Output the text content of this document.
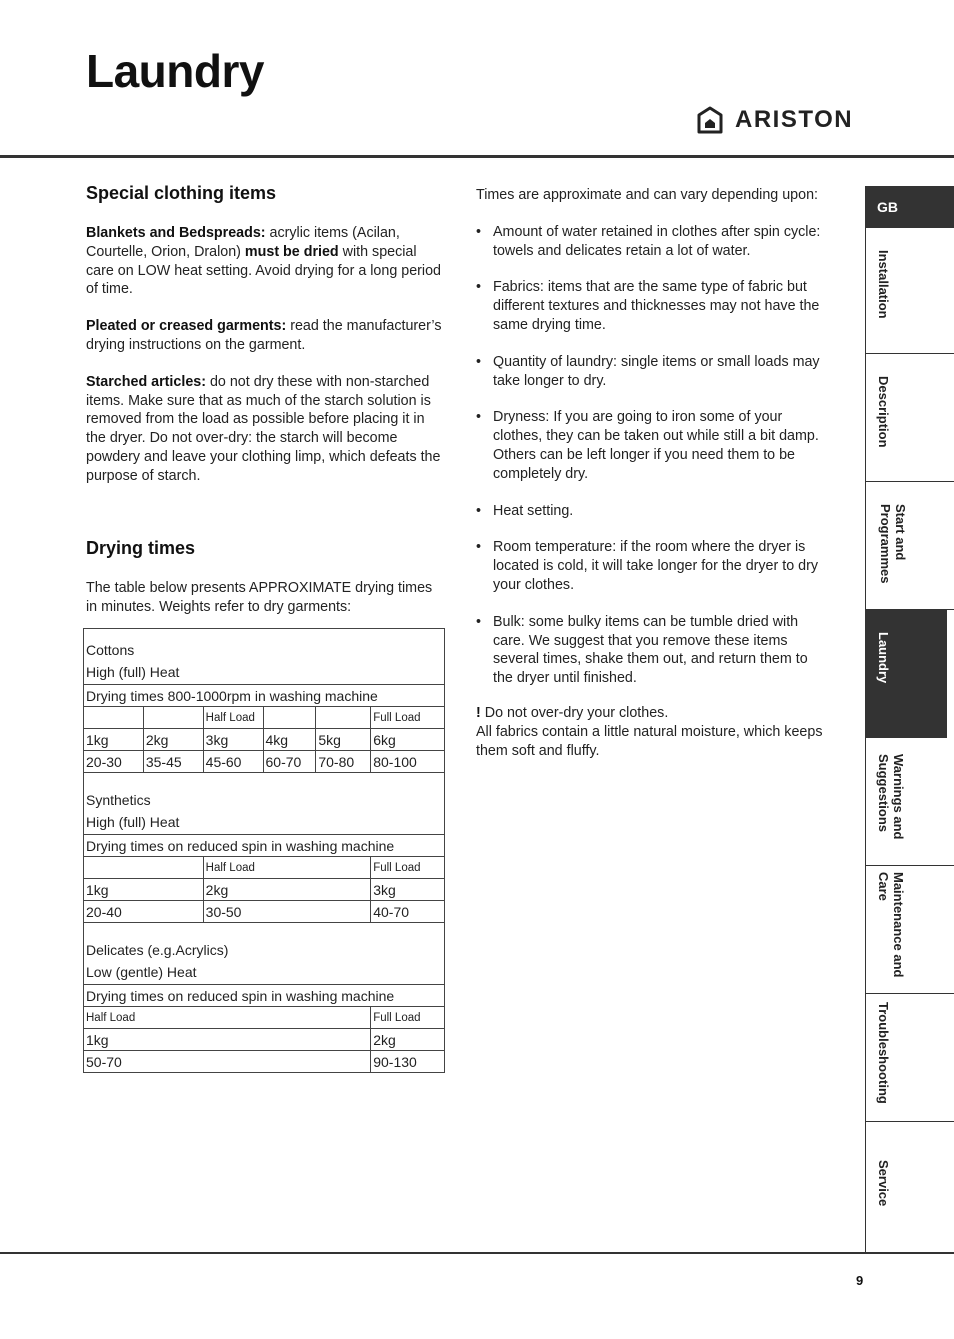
Laundry
ARISTON
Special clothing items

Blankets and Bedspreads: acrylic items (Acilan, Courtelle, Orion, Dralon) must be dried with special care on LOW heat setting. Avoid drying for a long period of time.

Pleated or creased garments: read the manufacturer’s drying instructions on the garment.

Starched articles: do not dry these with non-starched items. Make sure that as much of the starch solution is removed from the load as possible before placing it in the dryer. Do not over-dry: the starch will become powdery and leave your clothing limp, which defeats the purpose of starch.

Drying times

The table below presents APPROXIMATE drying times in minutes. Weights refer to dry garments:

Cottons
High (full) Heat					

Drying times 800-1000rpm in washing machine					
		Half Load			Full Load
1kg	2kg	3kg	4kg	5kg	6kg
20-30	35-45	45-60	60-70	70-80	80-100

Synthetics
High (full) Heat					

Drying times on reduced spin in washing machine					
		Half Load			Full Load
1kg		2kg			3kg
20-40		30-50			40-70

Delicates (e.g.Acrylics)
Low (gentle) Heat					

Drying times on reduced spin in washing machine					
Half Load					Full Load
1kg					2kg
50-70					90-130

Times are approximate and can vary depending upon:

• Amount of water retained in clothes after spin cycle: towels and delicates retain a lot of water.
• Fabrics: items that are the same type of fabric but different textures and thicknesses may not have the same drying time.
• Quantity of laundry: single items or small loads may take longer to dry.
• Dryness: If you are going to iron some of your clothes, they can be taken out while still a bit damp. Others can be left longer if you need them to be completely dry.
• Heat setting.
• Room temperature: if the room where the dryer is located is cold, it will take longer for the dryer to dry your clothes.
• Bulk: some bulky items can be tumble dried with care. We suggest that you remove these items several times, shake them out, and return them to the dryer until finished.

! Do not over-dry your clothes.
All fabrics contain a little natural moisture, which keeps them soft and fluffy.

GB
Installation
Description
Start and Programmes
Laundry
Warnings and Suggestions
Maintenance and Care
Troubleshooting
Service
9
